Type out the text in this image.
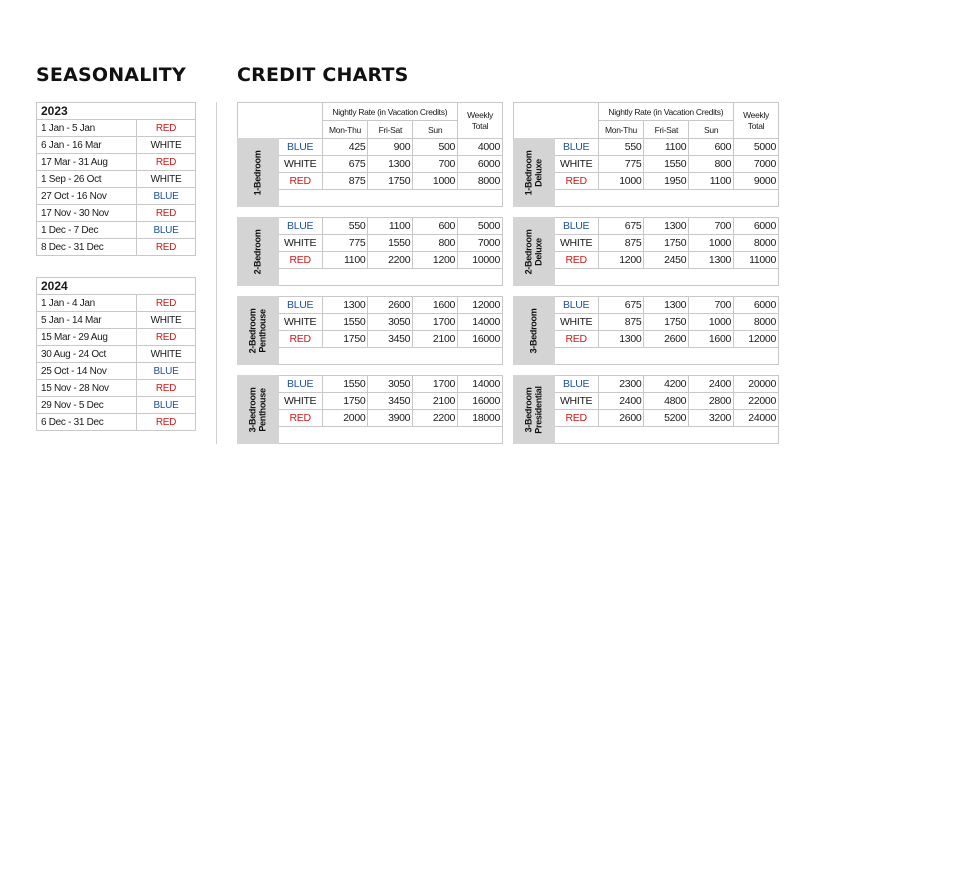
SEASONALITY	CREDIT CHARTS
2023	
1 Jan - 5 Jan	RED
6 Jan - 16 Mar	WHITE
17 Mar - 31 Aug	RED
1 Sep - 26 Oct	WHITE
27 Oct - 16 Nov	BLUE
17 Nov - 30 Nov	RED
1 Dec - 7 Dec	BLUE
8 Dec - 31 Dec	RED
2024	
1 Jan - 4 Jan	RED
5 Jan - 14 Mar	WHITE
15 Mar - 29 Aug	RED
30 Aug - 24 Oct	WHITE
25 Oct - 14 Nov	BLUE
15 Nov - 28 Nov	RED
29 Nov - 5 Dec	BLUE
6 Dec - 31 Dec	RED
	Nightly Rate (in Vacation Credits)			Weekly
Total
	Mon-Thu	Fri-Sat	Sun	
1-Bedroom	BLUE	425	900	500	4000
	WHITE	675	1300	700	6000
	RED	875	1750	1000	8000

2-Bedroom	BLUE	550	1100	600	5000
	WHITE	775	1550	800	7000
	RED	1100	2200	1200	10000

2-Bedroom
Penthouse	BLUE	1300	2600	1600	12000
	WHITE	1550	3050	1700	14000
	RED	1750	3450	2100	16000

3-Bedroom
Penthouse	BLUE	1550	3050	1700	14000
	WHITE	1750	3450	2100	16000
	RED	2000	3900	2200	18000

	Nightly Rate (in Vacation Credits)			Weekly
Total
	Mon-Thu	Fri-Sat	Sun	
1-Bedroom
Deluxe	BLUE	550	1100	600	5000
	WHITE	775	1550	800	7000
	RED	1000	1950	1100	9000

2-Bedroom
Deluxe	BLUE	675	1300	700	6000
	WHITE	875	1750	1000	8000
	RED	1200	2450	1300	11000

3-Bedroom	BLUE	675	1300	700	6000
	WHITE	875	1750	1000	8000
	RED	1300	2600	1600	12000

3-Bedroom
Presidential	BLUE	2300	4200	2400	20000
	WHITE	2400	4800	2800	22000
	RED	2600	5200	3200	24000
